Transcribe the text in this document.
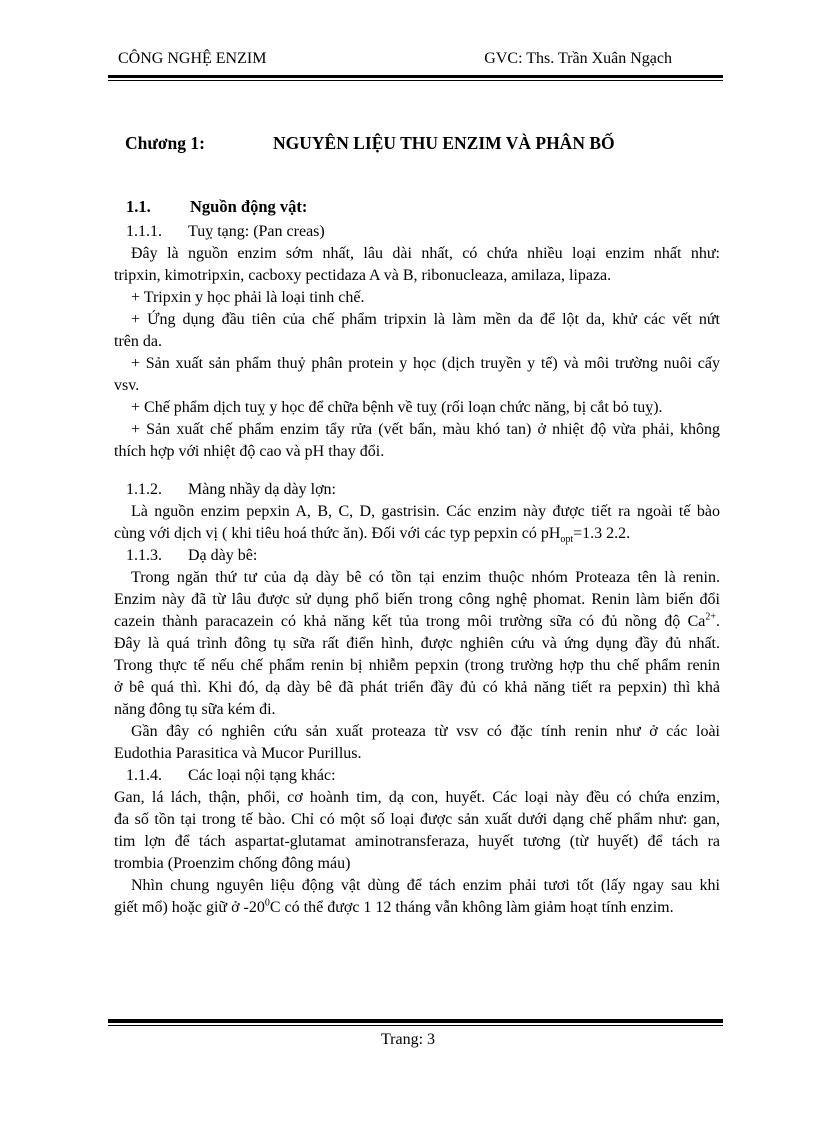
CÔNG NGHỆ ENZIM	GVC: Ths. Trần Xuân Ngạch
Chương 1:	NGUYÊN LIỆU THU ENZIM VÀ PHÂN BỐ
1.1. Nguồn động vật:
1.1.1. Tuỵ tạng: (Pan creas)
Đây là nguồn enzim sớm nhất, lâu dài nhất, có chứa nhiều loại enzim nhất như:
tripxin, kimotripxin, cacboxy pectidaza A và B, ribonucleaza, amilaza, lipaza.
+ Tripxin y học phải là loại tinh chế.
+ Ứng dụng đầu tiên của chế phẩm tripxin là làm mền da để lột da, khử các vết nứt
trên da.
+ Sản xuất sản phẩm thuỷ phân protein y học (dịch truyền y tế) và môi trường nuôi cấy
vsv.
+ Chế phẩm dịch tuỵ y học để chữa bệnh về tuỵ (rối loạn chức năng, bị cắt bỏ tuỵ).
+ Sản xuất chế phẩm enzim tẩy rửa (vết bẩn, màu khó tan) ở nhiệt độ vừa phải, không
thích hợp với nhiệt độ cao và pH thay đổi.
1.1.2. Màng nhầy dạ dày lợn:
Là nguồn enzim pepxin A, B, C, D, gastrisin. Các enzim này được tiết ra ngoài tế bào
cùng với dịch vị ( khi tiêu hoá thức ăn). Đối với các typ pepxin có $pH_{opt}=1.3$ 2.2.
1.1.3. Dạ dày bê:
Trong ngăn thứ tư của dạ dày bê có tồn tại enzim thuộc nhóm Proteaza tên là renin.
Enzim này đã từ lâu được sử dụng phổ biến trong công nghệ phomat. Renin làm biến đổi
cazein thành paracazein có khả năng kết tủa trong môi trường sữa có đủ nồng độ $Ca^{2+}$.
Đây là quá trình đông tụ sữa rất điển hình, được nghiên cứu và ứng dụng đầy đủ nhất.
Trong thực tế nếu chế phẩm renin bị nhiễm pepxin (trong trường hợp thu chế phẩm renin
ở bê quá thì. Khi đó, dạ dày bê đã phát triển đầy đủ có khả năng tiết ra pepxin) thì khả
năng đông tụ sữa kém đi.
Gần đây có nghiên cứu sản xuất proteaza từ vsv có đặc tính renin như ở các loài
Eudothia Parasitica và Mucor Purillus.
1.1.4. Các loại nội tạng khác:
Gan, lá lách, thận, phổi, cơ hoành tim, dạ con, huyết. Các loại này đều có chứa enzim,
đa số tồn tại trong tế bào. Chỉ có một số loại được sản xuất dưới dạng chế phẩm như: gan,
tim lợn để tách aspartat-glutamat aminotransferaza, huyết tương (từ huyết) để tách ra
trombia (Proenzim chống đông máu)
Nhìn chung nguyên liệu động vật dùng để tách enzim phải tươi tốt (lấy ngay sau khi
giết mổ) hoặc giữ ở $-20^0C$ có thể được 1 12 tháng vẫn không làm giảm hoạt tính enzim.
Trang: 3
